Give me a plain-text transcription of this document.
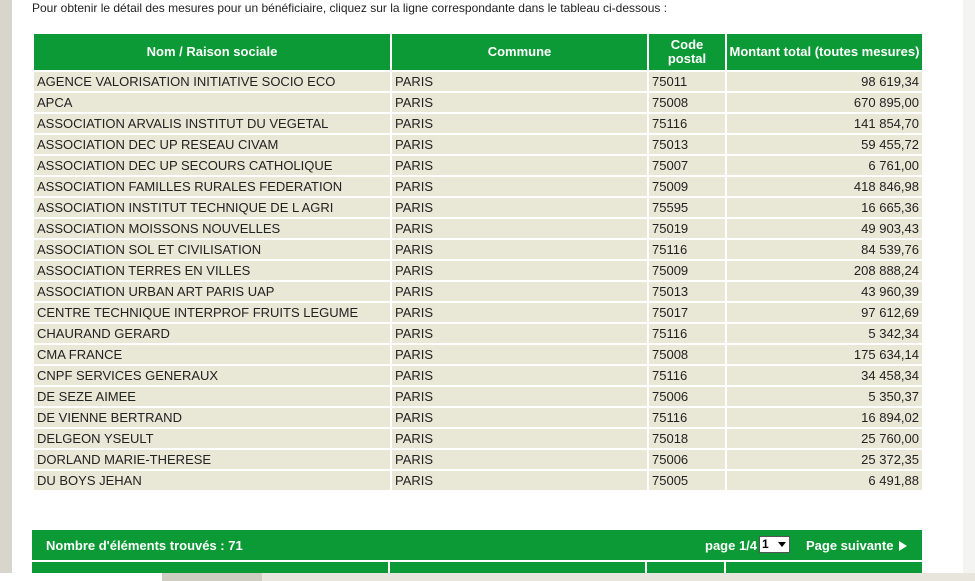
Pour obtenir le détail des mesures pour un bénéficiaire, cliquez sur la ligne correspondante dans le tableau ci-dessous :
Nom / Raison sociale	Commune	Code postal	Montant total (toutes mesures)
AGENCE VALORISATION INITIATIVE SOCIO ECO	PARIS	75011	98 619,34
APCA	PARIS	75008	670 895,00
ASSOCIATION ARVALIS INSTITUT DU VEGETAL	PARIS	75116	141 854,70
ASSOCIATION DEC UP RESEAU CIVAM	PARIS	75013	59 455,72
ASSOCIATION DEC UP SECOURS CATHOLIQUE	PARIS	75007	6 761,00
ASSOCIATION FAMILLES RURALES FEDERATION	PARIS	75009	418 846,98
ASSOCIATION INSTITUT TECHNIQUE DE L AGRI	PARIS	75595	16 665,36
ASSOCIATION MOISSONS NOUVELLES	PARIS	75019	49 903,43
ASSOCIATION SOL ET CIVILISATION	PARIS	75116	84 539,76
ASSOCIATION TERRES EN VILLES	PARIS	75009	208 888,24
ASSOCIATION URBAN ART PARIS UAP	PARIS	75013	43 960,39
CENTRE TECHNIQUE INTERPROF FRUITS LEGUME	PARIS	75017	97 612,69
CHAURAND GERARD	PARIS	75116	5 342,34
CMA FRANCE	PARIS	75008	175 634,14
CNPF SERVICES GENERAUX	PARIS	75116	34 458,34
DE SEZE AIMEE	PARIS	75006	5 350,37
DE VIENNE BERTRAND	PARIS	75116	16 894,02
DELGEON YSEULT	PARIS	75018	25 760,00
DORLAND MARIE-THERESE	PARIS	75006	25 372,35
DU BOYS JEHAN	PARIS	75005	6 491,88
Nombre d'éléments trouvés : 71	page 1/4 1	Page suivante
